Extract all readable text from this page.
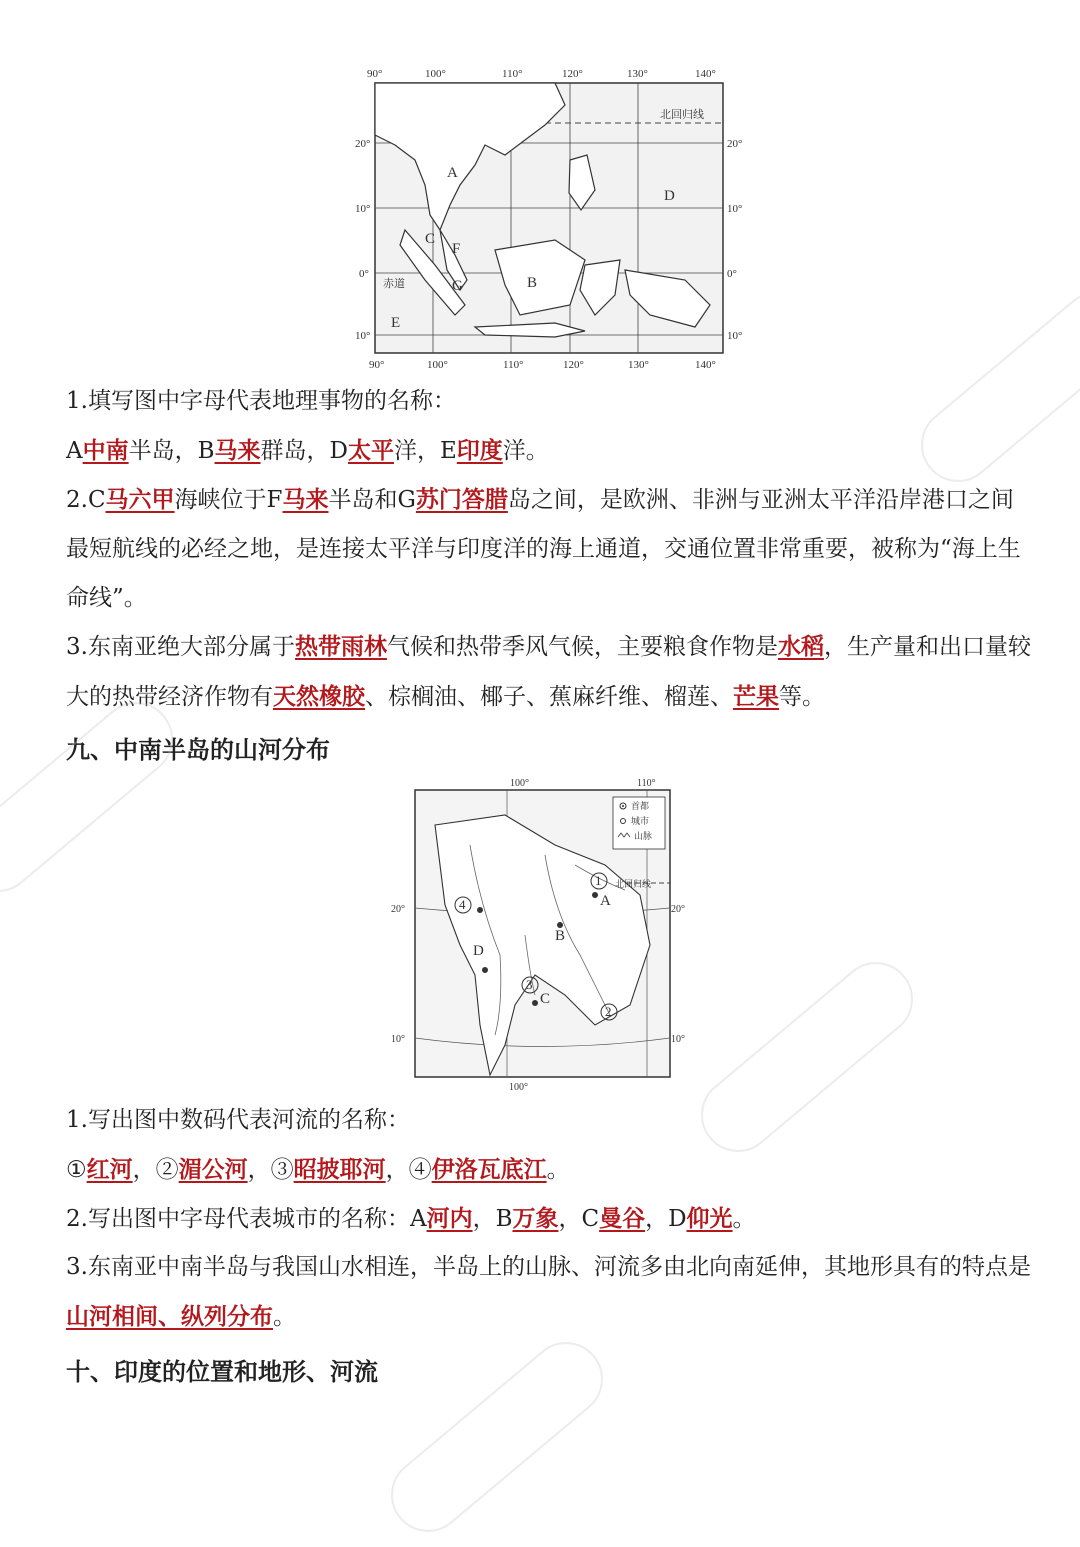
90°	100°	110°	120°	130°	140°
90°	100°	110°	120°	130°	140°
20°
10°
0°
10°
20°
10°
0°
10°
北回归线
赤道
A
B
C
D
E
F
G

1.填写图中字母代表地理事物的名称：

A中南半岛，B马来群岛，D太平洋，E印度洋。

2.C马六甲海峡位于F马来半岛和G苏门答腊岛之间，是欧洲、非洲与亚洲太平洋沿岸港口之间最短航线的必经之地，是连接太平洋与印度洋的海上通道，交通位置非常重要，被称为“海上生命线”。

3.东南亚绝大部分属于热带雨林气候和热带季风气候，主要粮食作物是水稻，生产量和出口量较大的热带经济作物有天然橡胶、棕榈油、椰子、蕉麻纤维、榴莲、芒果等。

九、中南半岛的山河分布
首都
城市
山脉
北回归线
100°	110°
100°
20°
10°
20°
10°
A
B
C
D
1
2
3
4

1.写出图中数码代表河流的名称：

①红河，②湄公河，③昭披耶河，④伊洛瓦底江。

2.写出图中字母代表城市的名称：A河内，B万象，C曼谷，D仰光。

3.东南亚中南半岛与我国山水相连，半岛上的山脉、河流多由北向南延伸，其地形具有的特点是山河相间、纵列分布。

十、印度的位置和地形、河流
